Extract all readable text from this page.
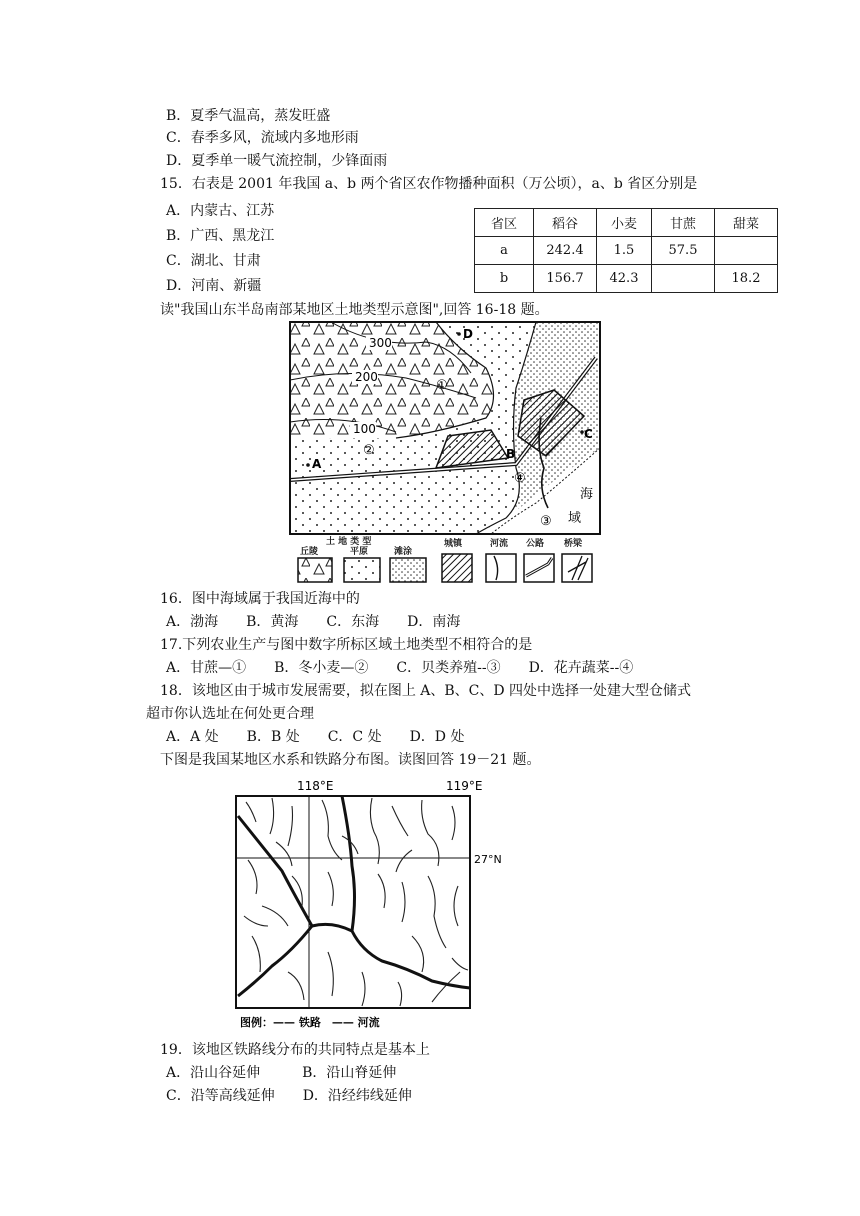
B．夏季气温高，蒸发旺盛
C．春季多风，流域内多地形雨
D．夏季单一暖气流控制，少锋面雨
15．右表是 2001 年我国 a、b 两个省区农作物播种面积（万公顷），a、b 省区分别是
A．内蒙古、江苏
B．广西、黑龙江
C．湖北、甘肃
D．河南、新疆
省区	稻谷	小麦	甘蔗	甜菜
a	242.4	1.5	57.5	
b	156.7	42.3		18.2
读"我国山东半岛南部某地区土地类型示意图",回答 16-18 题。
300
200
100
A
B
C
D
①
②
③
④
海
域
土 地 类 型
丘陵	平原	滩涂
城镇	河流 公路 桥梁
16．图中海域属于我国近海中的
A．渤海　　B．黄海　　C．东海　　D．南海
17.下列农业生产与图中数字所标区域土地类型不相符合的是
A．甘蔗—①　　B．冬小麦—②　　C．贝类养殖--③　　D．花卉蔬菜--④
18．该地区由于城市发展需要，拟在图上 A、B、C、D 四处中选择一处建大型仓储式
超市你认选址在何处更合理
A．A 处　　B．B 处　　C．C 处　　D．D 处
下图是我国某地区水系和铁路分布图。读图回答 19－21 题。
118°E	119°E
27°N
图例：—— 铁路　—— 河流
19．该地区铁路线分布的共同特点是基本上
A．沿山谷延伸　　　B．沿山脊延伸
C．沿等高线延伸　　D．沿经纬线延伸
